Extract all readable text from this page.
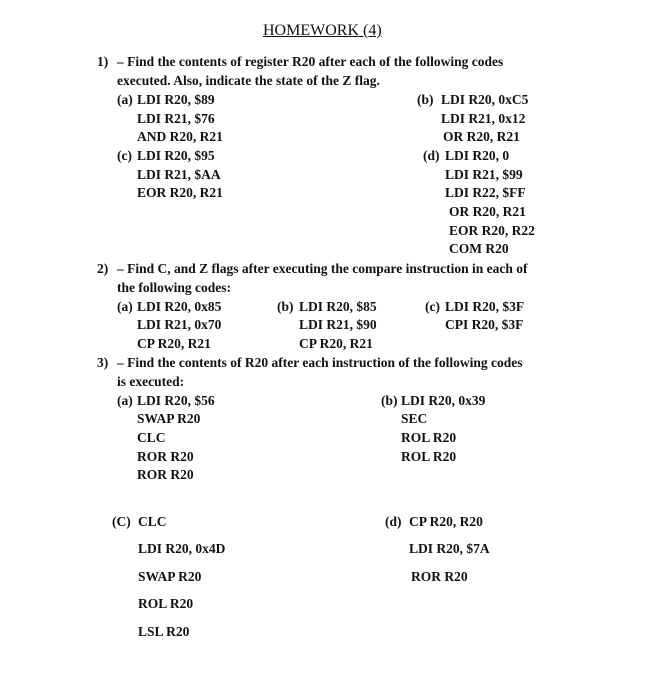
HOMEWORK (4)
1) – Find the contents of register R20 after each of the following codes
executed. Also, indicate the state of the Z flag.
(a) LDI R20, $89
LDI R21, $76
AND R20, R21
(b) LDI R20, 0xC5
LDI R21, 0x12
OR R20, R21
(c) LDI R20, $95
LDI R21, $AA
EOR R20, R21
(d) LDI R20, 0
LDI R21, $99
LDI R22, $FF
OR R20, R21
EOR R20, R22
COM R20
2) – Find C, and Z flags after executing the compare instruction in each of
the following codes:
(a) LDI R20, 0x85
LDI R21, 0x70
CP R20, R21
(b) LDI R20, $85
LDI R21, $90
CP R20, R21
(c) LDI R20, $3F
CPI R20, $3F
3) – Find the contents of R20 after each instruction of the following codes
is executed:
(a) LDI R20, $56
SWAP R20
CLC
ROR R20
ROR R20
(b) LDI R20, 0x39
SEC
ROL R20
ROL R20
(C) CLC
LDI R20, 0x4D
SWAP R20
ROL R20
LSL R20
(d) CP R20, R20
LDI R20, $7A
ROR R20
